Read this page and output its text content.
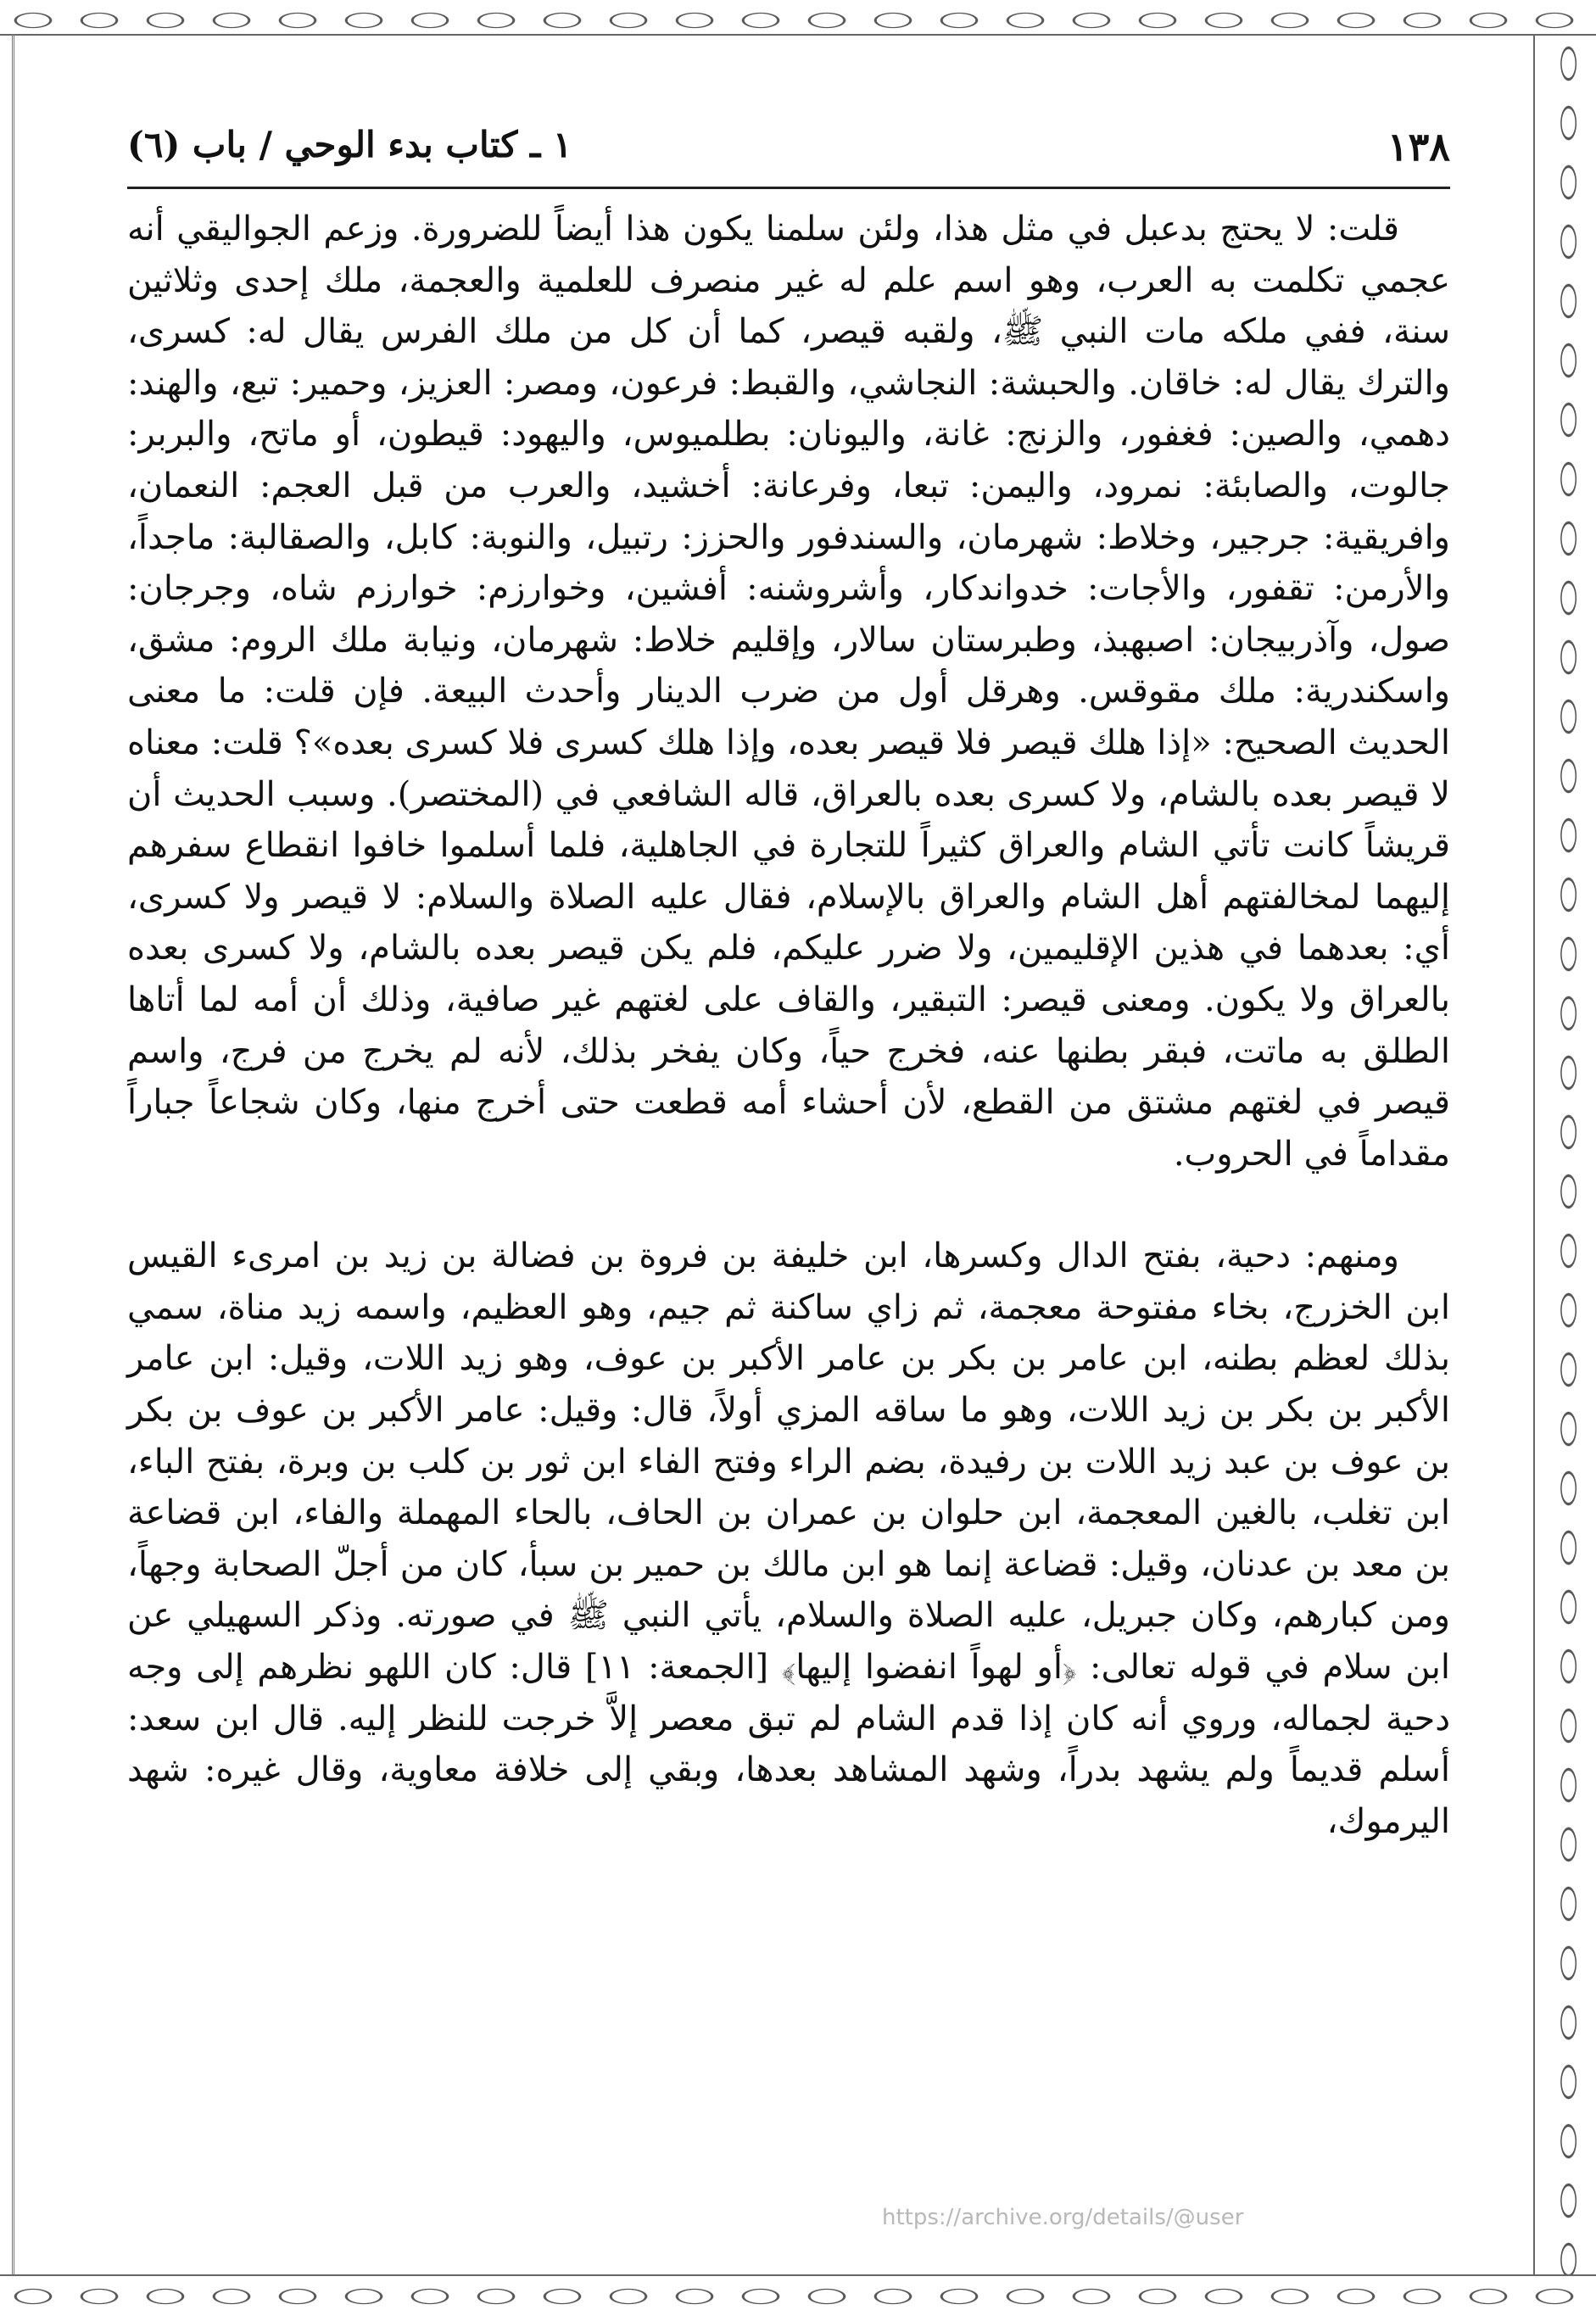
١٣٨
١ ـ كتاب بدء الوحي / باب (٦)

قلت: لا يحتج بدعبل في مثل هذا، ولئن سلمنا يكون هذا أيضاً للضرورة. وزعم الجواليقي أنه عجمي تكلمت به العرب، وهو اسم علم له غير منصرف للعلمية والعجمة، ملك إحدى وثلاثين سنة، ففي ملكه مات النبي ﷺ، ولقبه قيصر، كما أن كل من ملك الفرس يقال له: كسرى، والترك يقال له: خاقان. والحبشة: النجاشي، والقبط: فرعون، ومصر: العزيز، وحمير: تبع، والهند: دهمي، والصين: فغفور، والزنج: غانة، واليونان: بطلميوس، واليهود: قيطون، أو ماتح، والبربر: جالوت، والصابئة: نمرود، واليمن: تبعا، وفرعانة: أخشيد، والعرب من قبل العجم: النعمان، وافريقية: جرجير، وخلاط: شهرمان، والسندفور والحزز: رتبيل، والنوبة: كابل، والصقالبة: ماجداً، والأرمن: تقفور، والأجات: خدواندكار، وأشروشنه: أفشين، وخوارزم: خوارزم شاه، وجرجان: صول، وآذربيجان: اصبهبذ، وطبرستان سالار، وإقليم خلاط: شهرمان، ونيابة ملك الروم: مشق، واسكندرية: ملك مقوقس. وهرقل أول من ضرب الدينار وأحدث البيعة. فإن قلت: ما معنى الحديث الصحيح: «إذا هلك قيصر فلا قيصر بعده، وإذا هلك كسرى فلا كسرى بعده»؟ قلت: معناه لا قيصر بعده بالشام، ولا كسرى بعده بالعراق، قاله الشافعي في (المختصر). وسبب الحديث أن قريشاً كانت تأتي الشام والعراق كثيراً للتجارة في الجاهلية، فلما أسلموا خافوا انقطاع سفرهم إليهما لمخالفتهم أهل الشام والعراق بالإسلام، فقال عليه الصلاة والسلام: لا قيصر ولا كسرى، أي: بعدهما في هذين الإقليمين، ولا ضرر عليكم، فلم يكن قيصر بعده بالشام، ولا كسرى بعده بالعراق ولا يكون. ومعنى قيصر: التبقير، والقاف على لغتهم غير صافية، وذلك أن أمه لما أتاها الطلق به ماتت، فبقر بطنها عنه، فخرج حياً، وكان يفخر بذلك، لأنه لم يخرج من فرج، واسم قيصر في لغتهم مشتق من القطع، لأن أحشاء أمه قطعت حتى أخرج منها، وكان شجاعاً جباراً مقداماً في الحروب.

ومنهم: دحية، بفتح الدال وكسرها، ابن خليفة بن فروة بن فضالة بن زيد بن امرىء القيس ابن الخزرج، بخاء مفتوحة معجمة، ثم زاي ساكنة ثم جيم، وهو العظيم، واسمه زيد مناة، سمي بذلك لعظم بطنه، ابن عامر بن بكر بن عامر الأكبر بن عوف، وهو زيد اللات، وقيل: ابن عامر الأكبر بن بكر بن زيد اللات، وهو ما ساقه المزي أولاً، قال: وقيل: عامر الأكبر بن عوف بن بكر بن عوف بن عبد زيد اللات بن رفيدة، بضم الراء وفتح الفاء ابن ثور بن كلب بن وبرة، بفتح الباء، ابن تغلب، بالغين المعجمة، ابن حلوان بن عمران بن الحاف، بالحاء المهملة والفاء، ابن قضاعة بن معد بن عدنان، وقيل: قضاعة إنما هو ابن مالك بن حمير بن سبأ، كان من أجلّ الصحابة وجهاً، ومن كبارهم، وكان جبريل، عليه الصلاة والسلام، يأتي النبي ﷺ في صورته. وذكر السهيلي عن ابن سلام في قوله تعالى: ﴿أو لهواً انفضوا إليها﴾ [الجمعة: ١١] قال: كان اللهو نظرهم إلى وجه دحية لجماله، وروي أنه كان إذا قدم الشام لم تبق معصر إلاَّ خرجت للنظر إليه. قال ابن سعد: أسلم قديماً ولم يشهد بدراً، وشهد المشاهد بعدها، وبقي إلى خلافة معاوية، وقال غيره: شهد اليرموك،

https://archive.org/details/@user
